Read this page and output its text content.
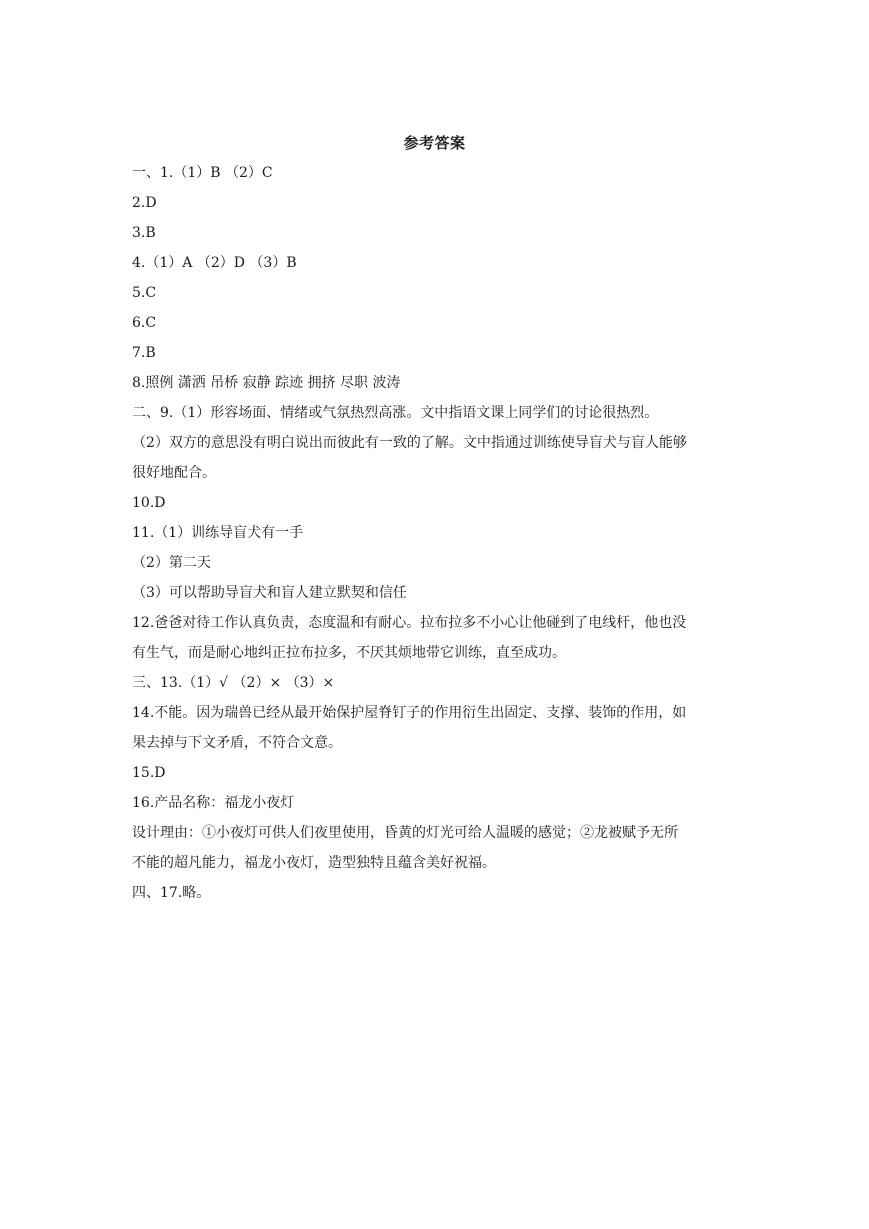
参考答案
一、1.（1）B （2）C
2.D
3.B
4.（1）A （2）D （3）B
5.C
6.C
7.B
8.照例 潇洒 吊桥 寂静 踪迹 拥挤 尽职 波涛
二、9.（1）形容场面、情绪或气氛热烈高涨。文中指语文课上同学们的讨论很热烈。
（2）双方的意思没有明白说出而彼此有一致的了解。文中指通过训练使导盲犬与盲人能够
很好地配合。
10.D
11.（1）训练导盲犬有一手
（2）第二天
（3）可以帮助导盲犬和盲人建立默契和信任
12.爸爸对待工作认真负责，态度温和有耐心。拉布拉多不小心让他碰到了电线杆，他也没
有生气，而是耐心地纠正拉布拉多，不厌其烦地带它训练，直至成功。
三、13.（1）√ （2）× （3）×
14.不能。因为瑞兽已经从最开始保护屋脊钉子的作用衍生出固定、支撑、装饰的作用，如
果去掉与下文矛盾，不符合文意。
15.D
16.产品名称：福龙小夜灯
设计理由：①小夜灯可供人们夜里使用，昏黄的灯光可给人温暖的感觉；②龙被赋予无所
不能的超凡能力，福龙小夜灯，造型独特且蕴含美好祝福。
四、17.略。
